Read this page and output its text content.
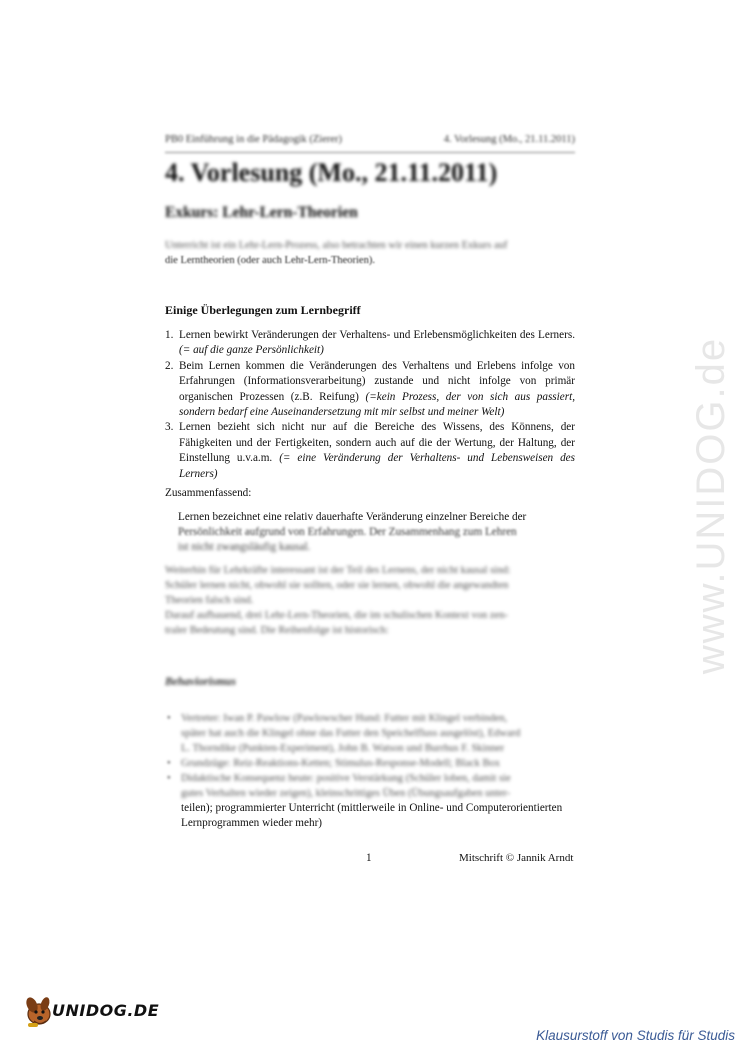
PB0 Einführung in die Pädagogik (Zierer)	4. Vorlesung (Mo., 21.11.2011)
4. Vorlesung (Mo., 21.11.2011)
Exkurs: Lehr-Lern-Theorien
Unterricht ist ein Lehr-Lern-Prozess, also betrachten wir einen kurzen Exkurs auf
die Lerntheorien (oder auch Lehr-Lern-Theorien).
Einige Überlegungen zum Lernbegriff
1. Lernen bewirkt Veränderungen der Verhaltens- und Erlebensmöglichkeiten des Lerners. (= auf die ganze Persönlichkeit)
2. Beim Lernen kommen die Veränderungen des Verhaltens und Erlebens infolge von Erfahrungen (Informationsverarbeitung) zustande und nicht infolge von primär organischen Prozessen (z.B. Reifung) (=kein Prozess, der von sich aus passiert, sondern bedarf eine Auseinandersetzung mit mir selbst und meiner Welt)
3. Lernen bezieht sich nicht nur auf die Bereiche des Wissens, des Könnens, der Fähigkeiten und der Fertigkeiten, sondern auch auf die der Wertung, der Haltung, der Einstellung u.v.a.m. (= eine Veränderung der Verhaltens- und Lebensweisen des Lerners)
Zusammenfassend:
Lernen bezeichnet eine relativ dauerhafte Veränderung einzelner Bereiche der
Persönlichkeit aufgrund von Erfahrungen. Der Zusammenhang zum Lehren
ist nicht zwangsläufig kausal.
Weiterhin für Lehrkräfte interessant ist der Teil des Lernens, der nicht kausal sind:
Schüler lernen nicht, obwohl sie sollten, oder sie lernen, obwohl die angewandten
Theorien falsch sind.
Darauf aufbauend, drei Lehr-Lern-Theorien, die im schulischen Kontext von zen-
traler Bedeutung sind. Die Reihenfolge ist historisch:
Behaviorismus
• Vertreter: Iwan P. Pawlow (Pawlowscher Hund: Futter mit Klingel verbinden,
später hat auch die Klingel ohne das Futter den Speichelfluss ausgelöst), Edward
L. Thorndike (Punkten-Experiment), John B. Watson und Burrhus F. Skinner
• Grundzüge: Reiz-Reaktions-Ketten; Stimulus-Response-Modell; Black Box
• Didaktische Konsequenz heute: positive Verstärkung (Schüler loben, damit sie
gutes Verhalten wieder zeigen), kleinschrittiges Üben (Übungsaufgaben unter-
teilen); programmierter Unterricht (mittlerweile in Online- und Computerorientierten Lernprogrammen wieder mehr)
1	Mitschrift © Jannik Arndt
www.UNIDOG.de
UNIDOG.DE
Klausurstoff von Studis für Studis
